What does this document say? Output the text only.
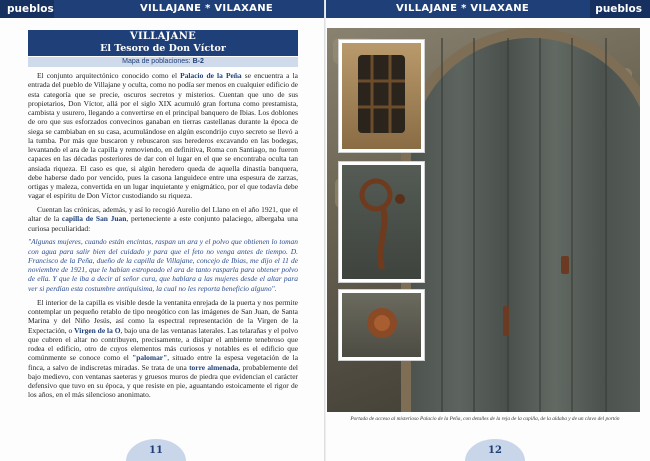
pueblos	VILLAJANE * VILAXANE	VILLAJANE * VILAXANE	pueblos
VILLAJANE
El Tesoro de Don Víctor
Mapa de poblaciones: B-2

El conjunto arquitectónico conocido como el Palacio de la Peña se encuentra a la entrada del pueblo de Villajane y oculta, como no podía ser menos en cualquier edificio de esta categoría que se precie, oscuros secretos y misterios. Cuentan que uno de sus propietarios, Don Víctor, allá por el siglo XIX acumuló gran fortuna como prestamista, cambista y usurero, llegando a convertirse en el principal banquero de Ibias. Los doblones de oro que sus esforzados convecinos ganaban en tierras castellanas durante la época de siega se cambiaban en su casa, acumulándose en algún escondrijo cuyo secreto se llevó a la tumba. Por más que buscaron y rebuscaron sus herederos excavando en las bodegas, levantando el ara de la capilla y removiendo, en definitiva, Roma con Santiago, no fueron capaces en las décadas posteriores de dar con el lugar en el que se encontraba oculta tan ansiada riqueza. El caso es que, si algún heredero queda de aquella dinastía banquera, debe haberse dado por vencido, pues la casona languidece entre una espesura de zarzas, ortigas y maleza, convertida en un lugar inquietante y enigmático, por el que todavía debe vagar el espíritu de Don Víctor custodiando su riqueza.

Cuentan las crónicas, además, y así lo recogió Aurelio del Llano en el año 1921, que el altar de la capilla de San Juan, perteneciente a este conjunto palaciego, albergaba una curiosa peculiaridad:

"Algunas mujeres, cuando están encintas, raspan un ara y el polvo que obtienen lo toman con agua para salir bien del cuidado y para que el feto no venga antes de tiempo. D. Francisco de la Peña, dueño de la capilla de Villajane, concejo de Ibias, me dijo el 11 de noviembre de 1921, que le habían estropeado el ara de tanto rasparla para obtener polvo de ella. Y que le iba a decir al señor cura, que hablara a las mujeres desde el altar para ver si perdían esta costumbre antiquísima, la cual no les reporta beneficio alguno".

El interior de la capilla es visible desde la ventanita enrejada de la puerta y nos permite contemplar un pequeño retablo de tipo neogótico con las imágenes de San Juan, de Santa Marina y del Niño Jesús, así como la espectral representación de la Virgen de la Expectación, o Virgen de la O, bajo una de las ventanas laterales. Las telarañas y el polvo que cubren el altar no contribuyen, precisamente, a disipar el ambiente tenebroso que rodea el edificio, otro de cuyos elementos más curiosos y notables es el edificio que comúnmente se conoce como el "palomar", situado entre la espesa vegetación de la finca, a salvo de indiscretas miradas. Se trata de una torre almenada, probablemente del bajo medievo, con ventanas saeteras y gruesos muros de piedra que evidencian el carácter defensivo que tuvo en su época, y que resiste en pie, aguantando estoicamente el rigor de los años, en el más silencioso anonimato.

Portada de acceso al misterioso Palacio de la Peña, con detalles de la reja de la capilla, de la aldaba y de un clavo del portón
11	12
